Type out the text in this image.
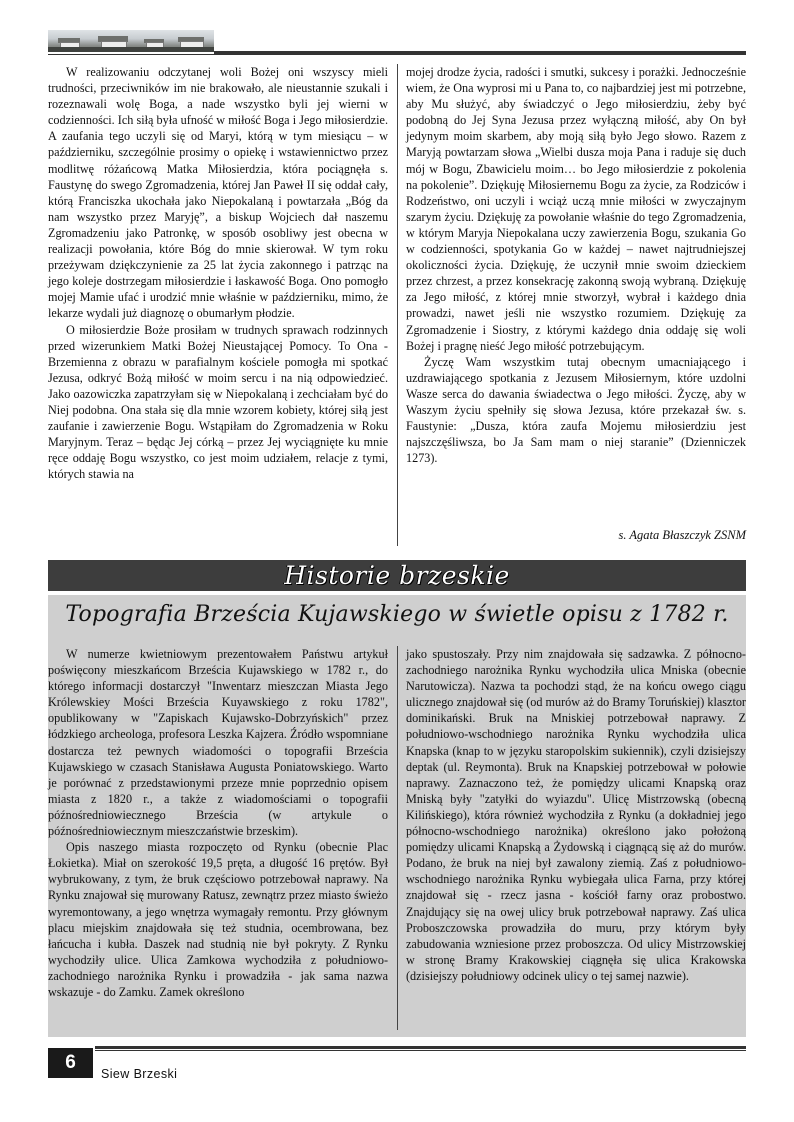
W realizowaniu odczytanej woli Bożej oni wszyscy mieli trudności, przeciwników im nie brakowało, ale nieustannie szukali i rozeznawali wolę Boga, a nade wszystko byli jej wierni w codzienności. Ich siłą była ufność w miłość Boga i Jego miłosierdzie. A zaufania tego uczyli się od Maryi, którą w tym miesiącu – w październiku, szczególnie prosimy o opiekę i wstawiennictwo przez modlitwę różańcową Matka Miłosierdzia, która pociągnęła s. Faustynę do swego Zgromadzenia, której Jan Paweł II się oddał cały, którą Franciszka ukochała jako Niepokalaną i powtarzała „Bóg da nam wszystko przez Maryję”, a biskup Wojciech dał naszemu Zgromadzeniu jako Patronkę, w sposób osobliwy jest obecna w realizacji powołania, które Bóg do mnie skierował. W tym roku przeżywam dziękczynienie za 25 lat życia zakonnego i patrząc na jego koleje dostrzegam miłosierdzie i łaskawość Boga. Ono pomogło mojej Mamie ufać i urodzić mnie właśnie w październiku, mimo, że lekarze wydali już diagnozę o obumarłym płodzie.

O miłosierdzie Boże prosiłam w trudnych sprawach rodzinnych przed wizerunkiem Matki Bożej Nieustającej Pomocy. To Ona - Brzemienna z obrazu w parafialnym kościele pomogła mi spotkać Jezusa, odkryć Bożą miłość w moim sercu i na nią odpowiedzieć. Jako oazowiczka zapatrzyłam się w Niepokalaną i zechciałam być do Niej podobna. Ona stała się dla mnie wzorem kobiety, której siłą jest zaufanie i zawierzenie Bogu. Wstąpiłam do Zgromadzenia w Roku Maryjnym. Teraz – będąc Jej córką – przez Jej wyciągnięte ku mnie ręce oddaję Bogu wszystko, co jest moim udziałem, relacje z tymi, których stawia na

mojej drodze życia, radości i smutki, sukcesy i porażki. Jednocześnie wiem, że Ona wyprosi mi u Pana to, co najbardziej jest mi potrzebne, aby Mu służyć, aby świadczyć o Jego miłosierdziu, żeby być podobną do Jej Syna Jezusa przez wyłączną miłość, aby On był jedynym moim skarbem, aby moją siłą było Jego słowo. Razem z Maryją powtarzam słowa „Wielbi dusza moja Pana i raduje się duch mój w Bogu, Zbawicielu moim… bo Jego miłosierdzie z pokolenia na pokolenie”. Dziękuję Miłosiernemu Bogu za życie, za Rodziców i Rodzeństwo, oni uczyli i wciąż uczą mnie miłości w zwyczajnym szarym życiu. Dziękuję za powołanie właśnie do tego Zgromadzenia, w którym Maryja Niepokalana uczy zawierzenia Bogu, szukania Go w codzienności, spotykania Go w każdej – nawet najtrudniejszej okoliczności życia. Dziękuję, że uczynił mnie swoim dzieckiem przez chrzest, a przez konsekrację zakonną swoją wybraną. Dziękuję za Jego miłość, z której mnie stworzył, wybrał i każdego dnia prowadzi, nawet jeśli nie wszystko rozumiem. Dziękuję za Zgromadzenie i Siostry, z którymi każdego dnia oddaję się woli Bożej i pragnę nieść Jego miłość potrzebującym.

Życzę Wam wszystkim tutaj obecnym umacniającego i uzdrawiającego spotkania z Jezusem Miłosiernym, które uzdolni Wasze serca do dawania świadectwa o Jego miłości. Życzę, aby w Waszym życiu spełniły się słowa Jezusa, które przekazał św. s. Faustynie: „Dusza, która zaufa Mojemu miłosierdziu jest najszczęśliwsza, bo Ja Sam mam o niej staranie” (Dzienniczek 1273).

s. Agata Błaszczyk ZSNM
Historie brzeskie
Topografia Brześcia Kujawskiego w świetle opisu z 1782 r.

W numerze kwietniowym prezentowałem Państwu artykuł poświęcony mieszkańcom Brześcia Kujawskiego w 1782 r., do którego informacji dostarczył "Inwentarz mieszczan Miasta Jego Królewskiey Mości Brześcia Kuyawskiego z roku 1782", opublikowany w "Zapiskach Kujawsko-Dobrzyńskich" przez łódzkiego archeologa, profesora Leszka Kajzera. Źródło wspomniane dostarcza też pewnych wiadomości o topografii Brześcia Kujawskiego w czasach Stanisława Augusta Poniatowskiego. Warto je porównać z przedstawionymi przeze mnie poprzednio opisem miasta z 1820 r., a także z wiadomościami o topografii późnośredniowiecznego Brześcia (w artykule o późnośredniowiecznym mieszczaństwie brzeskim).

Opis naszego miasta rozpoczęto od Rynku (obecnie Plac Łokietka). Miał on szerokość 19,5 pręta, a długość 16 prętów. Był wybrukowany, z tym, że bruk częściowo potrzebował naprawy. Na Rynku znajował się murowany Ratusz, zewnątrz przez miasto świeżo wyremontowany, a jego wnętrza wymagały remontu. Przy głównym placu miejskim znajdowała się też studnia, ocembrowana, bez łańcucha i kubła. Daszek nad studnią nie był pokryty. Z Rynku wychodziły ulice. Ulica Zamkowa wychodziła z południowo-zachodniego narożnika Rynku i prowadziła - jak sama nazwa wskazuje - do Zamku. Zamek określono

jako spustoszały. Przy nim znajdowała się sadzawka. Z północno-zachodniego narożnika Rynku wychodziła ulica Mniska (obecnie Narutowicza). Nazwa ta pochodzi stąd, że na końcu owego ciągu ulicznego znajdował się (od murów aż do Bramy Toruńskiej) klasztor dominikański. Bruk na Mniskiej potrzebował naprawy. Z południowo-wschodniego narożnika Rynku wychodziła ulica Knapska (knap to w języku staropolskim sukiennik), czyli dzisiejszy deptak (ul. Reymonta). Bruk na Knapskiej potrzebował w połowie naprawy. Zaznaczono też, że pomiędzy ulicami Knapską oraz Mniską były "zatyłki do wyiazdu". Ulicę Mistrzowską (obecną Kilińskiego), która również wychodziła z Rynku (a dokładniej jego północno-wschodniego narożnika) określono jako położoną pomiędzy ulicami Knapską a Żydowską i ciągnącą się aż do murów. Podano, że bruk na niej był zawalony ziemią. Zaś z południowo-wschodniego narożnika Rynku wybiegała ulica Farna, przy której znajdował się - rzecz jasna - kościół farny oraz probostwo. Znajdujący się na owej ulicy bruk potrzebował naprawy. Zaś ulica Proboszczowska prowadziła do muru, przy którym były zabudowania wzniesione przez proboszcza. Od ulicy Mistrzowskiej w stronę Bramy Krakowskiej ciągnęła się ulica Krakowska (dzisiejszy południowy odcinek ulicy o tej samej nazwie).

6
Siew Brzeski
